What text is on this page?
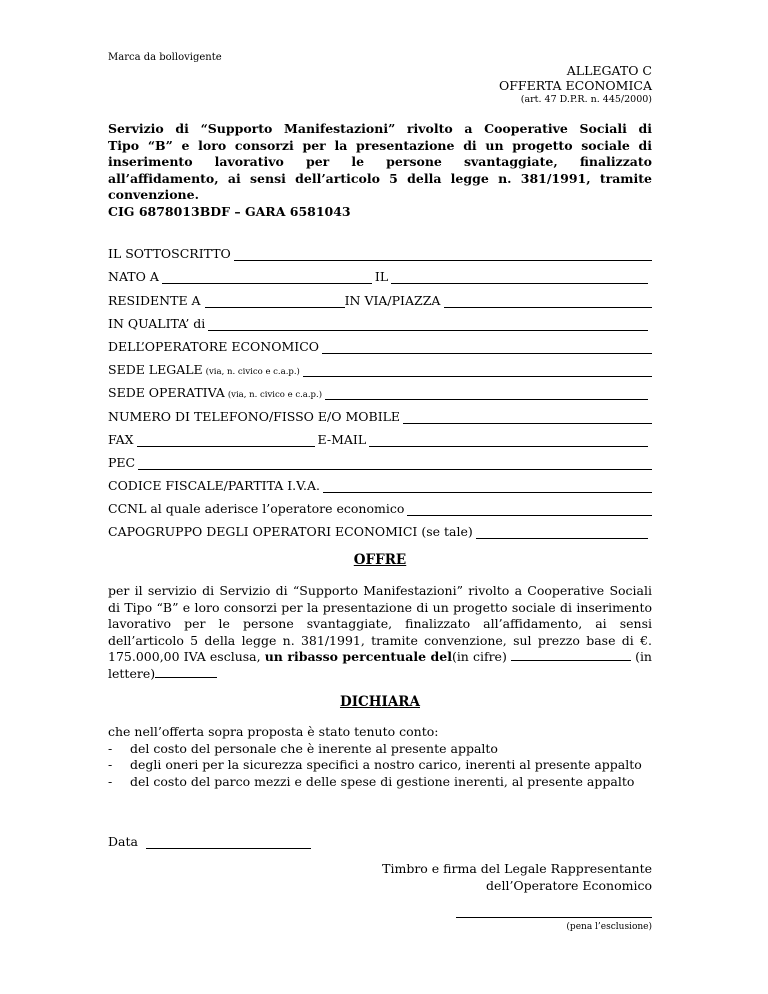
Marca da bollovigente
ALLEGATO C
OFFERTA ECONOMICA
(art. 47 D.P.R. n. 445/2000)
Servizio di “Supporto Manifestazioni” rivolto a Cooperative Sociali di
Tipo “B” e loro consorzi per la presentazione di un progetto sociale di
inserimento lavorativo per le persone svantaggiate, finalizzato
all’affidamento, ai sensi dell’articolo 5 della legge n. 381/1991, tramite
convenzione.
CIG 6878013BDF – GARA 6581043
IL SOTTOSCRITTO
NATO A	IL
RESIDENTE A	IN VIA/PIAZZA
IN QUALITA’ di
DELL’OPERATORE ECONOMICO
SEDE LEGALE (via, n. civico e c.a.p.)
SEDE OPERATIVA (via, n. civico e c.a.p.)
NUMERO DI TELEFONO/FISSO E/O MOBILE
FAX	E-MAIL
PEC
CODICE FISCALE/PARTITA I.V.A.
CCNL al quale aderisce l’operatore economico
CAPOGRUPPO DEGLI OPERATORI ECONOMICI (se tale)
OFFRE
per il servizio di Servizio di “Supporto Manifestazioni” rivolto a Cooperative Sociali di Tipo “B” e loro consorzi per la presentazione di un progetto sociale di inserimento lavorativo per le persone svantaggiate, finalizzato all’affidamento, ai sensi dell’articolo 5 della legge n. 381/1991, tramite convenzione, sul prezzo base di €. 175.000,00 IVA esclusa, un ribasso percentuale del(in cifre)	(in lettere)
DICHIARA
che nell’offerta sopra proposta è stato tenuto conto:
- del costo del personale che è inerente al presente appalto
- degli oneri per la sicurezza specifici a nostro carico, inerenti al presente appalto
- del costo del parco mezzi e delle spese di gestione inerenti, al presente appalto
Data
Timbro e firma del Legale Rappresentante
dell’Operatore Economico
(pena l’esclusione)
